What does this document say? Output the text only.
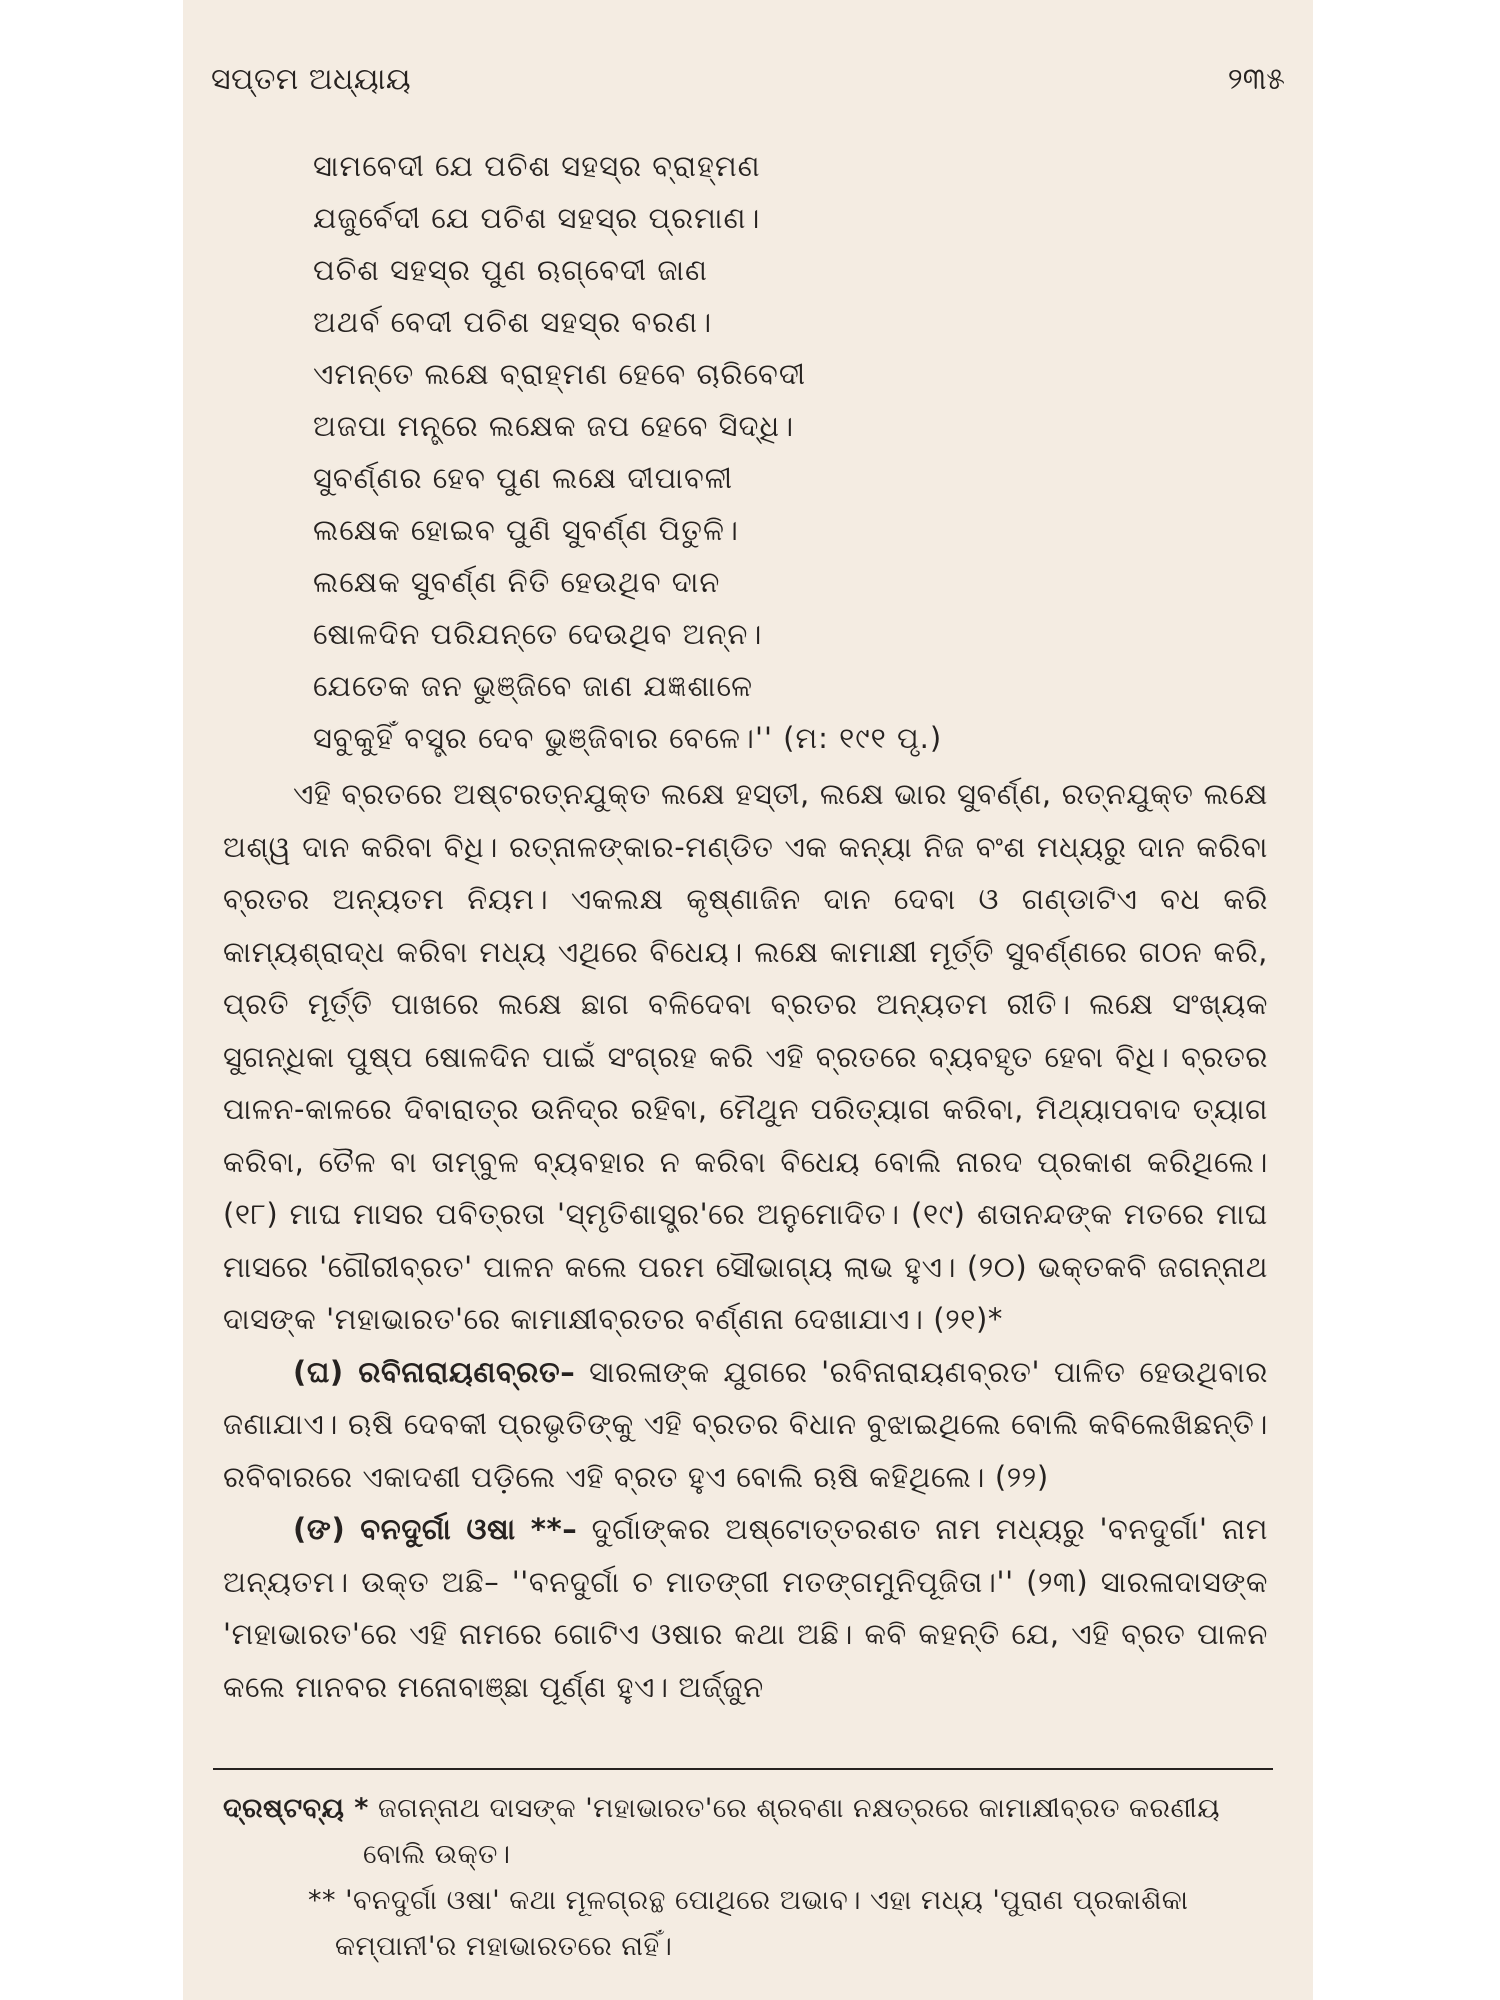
ସପ୍ତମ ଅଧ୍ୟାୟ	୨୩୫
ସାମବେଦୀ ଯେ ପଚିଶ ସହସ୍ର ବ୍ରାହ୍ମଣ
ଯଜୁର୍ବେଦୀ ଯେ ପଚିଶ ସହସ୍ର ପ୍ରମାଣ।
ପଚିଶ ସହସ୍ର ପୁଣ ଋଗ୍‌ବେଦୀ ଜାଣ
ଅଥର୍ବ ବେଦୀ ପଚିଶ ସହସ୍ର ବରଣ।
ଏମନ୍ତେ ଲକ୍ଷେ ବ୍ରାହ୍ମଣ ହେବେ ଚାରିବେଦୀ
ଅଜପା ମନ୍ତ୍ରେ ଲକ୍ଷେକ ଜପ ହେବେ ସିଦ୍ଧି।
ସୁବର୍ଣ୍ଣର ହେବ ପୁଣ ଲକ୍ଷେ ଦୀପାବଳୀ
ଲକ୍ଷେକ ହୋଇବ ପୁଣି ସୁବର୍ଣ୍ଣ ପିତୁଳି।
ଲକ୍ଷେକ ସୁବର୍ଣ୍ଣ ନିତି ହେଉଥିବ ଦାନ
ଷୋଳଦିନ ପରିଯନ୍ତେ ଦେଉଥିବ ଅନ୍ନ।
ଯେତେକ ଜନ ଭୁଞ୍ଜିବେ ଜାଣ ଯଜ୍ଞଶାଳେ
ସବୁକୁହିଁ ବସ୍ତ୍ର ଦେବ ଭୁଞ୍ଜିବାର ବେଳେ।'' (ମ: ୧୯୧ ପୃ.)

ଏହି ବ୍ରତରେ ଅଷ୍ଟରତ୍ନଯୁକ୍ତ ଲକ୍ଷେ ହସ୍ତୀ, ଲକ୍ଷେ ଭାର ସୁବର୍ଣ୍ଣ, ରତ୍ନଯୁକ୍ତ ଲକ୍ଷେ ଅଶ୍ୱ ଦାନ କରିବା ବିଧି। ରତ୍ନାଳଙ୍କାର-ମଣ୍ଡିତ ଏକ କନ୍ୟା ନିଜ ବଂଶ ମଧ୍ୟରୁ ଦାନ କରିବା ବ୍ରତର ଅନ୍ୟତମ ନିୟମ। ଏକଲକ୍ଷ କୃଷ୍ଣାଜିନ ଦାନ ଦେବା ଓ ଗଣ୍ଡାଟିଏ ବଧ କରି କାମ୍ୟଶ୍ରାଦ୍ଧ କରିବା ମଧ୍ୟ ଏଥିରେ ବିଧେୟ। ଲକ୍ଷେ କାମାକ୍ଷୀ ମୂର୍ତ୍ତି ସୁବର୍ଣ୍ଣରେ ଗଠନ କରି, ପ୍ରତି ମୂର୍ତ୍ତି ପାଖରେ ଲକ୍ଷେ ଛାଗ ବଳିଦେବା ବ୍ରତର ଅନ୍ୟତମ ରୀତି। ଲକ୍ଷେ ସଂଖ୍ୟକ ସୁଗନ୍ଧିକା ପୁଷ୍ପ ଷୋଳଦିନ ପାଇଁ ସଂଗ୍ରହ କରି ଏହି ବ୍ରତରେ ବ୍ୟବହୃତ ହେବା ବିଧି। ବ୍ରତର ପାଳନ-କାଳରେ ଦିବାରାତ୍ର ଉନିଦ୍ର ରହିବା, ମୈଥୁନ ପରିତ୍ୟାଗ କରିବା, ମିଥ୍ୟାପବାଦ ତ୍ୟାଗ କରିବା, ତୈଳ ବା ତାମ୍ବୁଳ ବ୍ୟବହାର ନ କରିବା ବିଧେୟ ବୋଲି ନାରଦ ପ୍ରକାଶ କରିଥିଲେ। (୧୮) ମାଘ ମାସର ପବିତ୍ରତା 'ସ୍ମୃତିଶାସ୍ତ୍ର'ରେ ଅନୁମୋଦିତ। (୧୯) ଶତାନନ୍ଦଙ୍କ ମତରେ ମାଘ ମାସରେ 'ଗୌରୀବ୍ରତ' ପାଳନ କଲେ ପରମ ସୌଭାଗ୍ୟ ଲାଭ ହୁଏ। (୨୦) ଭକ୍ତକବି ଜଗନ୍ନାଥ ଦାସଙ୍କ 'ମହାଭାରତ'ରେ କାମାକ୍ଷୀବ୍ରତର ବର୍ଣ୍ଣନା ଦେଖାଯାଏ। (୨୧)*

(ଘ) ରବିନାରାୟଣବ୍ରତ– ସାରଳାଙ୍କ ଯୁଗରେ 'ରବିନାରାୟଣବ୍ରତ' ପାଳିତ ହେଉଥିବାର ଜଣାଯାଏ। ଋଷି ଦେବକୀ ପ୍ରଭୃତିଙ୍କୁ ଏହି ବ୍ରତର ବିଧାନ ବୁଝାଇଥିଲେ ବୋଲି କବିଲେଖିଛନ୍ତି। ରବିବାରରେ ଏକାଦଶୀ ପଡ଼ିଲେ ଏହି ବ୍ରତ ହୁଏ ବୋଲି ଋଷି କହିଥିଲେ। (୨୨)

(ଙ) ବନଦୁର୍ଗା ଓଷା **– ଦୁର୍ଗାଙ୍କର ଅଷ୍ଟୋତ୍ତରଶତ ନାମ ମଧ୍ୟରୁ 'ବନଦୁର୍ଗା' ନାମ ଅନ୍ୟତମ। ଉକ୍ତ ଅଛି– ''ବନଦୁର୍ଗା ଚ ମାତଙ୍ଗୀ ମତଙ୍ଗମୁନିପୂଜିତା।'' (୨୩) ସାରଳାଦାସଙ୍କ 'ମହାଭାରତ'ରେ ଏହି ନାମରେ ଗୋଟିଏ ଓଷାର କଥା ଅଛି। କବି କହନ୍ତି ଯେ, ଏହି ବ୍ରତ ପାଳନ କଲେ ମାନବର ମନୋବାଞ୍ଛା ପୂର୍ଣ୍ଣ ହୁଏ। ଅର୍ଜ୍ଜୁନ

ଦ୍ରଷ୍ଟବ୍ୟ * ଜଗନ୍ନାଥ ଦାସଙ୍କ 'ମହାଭାରତ'ରେ ଶ୍ରବଣା ନକ୍ଷତ୍ରରେ କାମାକ୍ଷୀବ୍ରତ କରଣୀୟ
ବୋଲି ଉକ୍ତ।
** 'ବନଦୁର୍ଗା ଓଷା' କଥା ମୂଳଗ୍ରନ୍ଥ ପୋଥିରେ ଅଭାବ। ଏହା ମଧ୍ୟ 'ପୁରାଣ ପ୍ରକାଶିକା
କମ୍ପାନୀ'ର ମହାଭାରତରେ ନାହିଁ।
